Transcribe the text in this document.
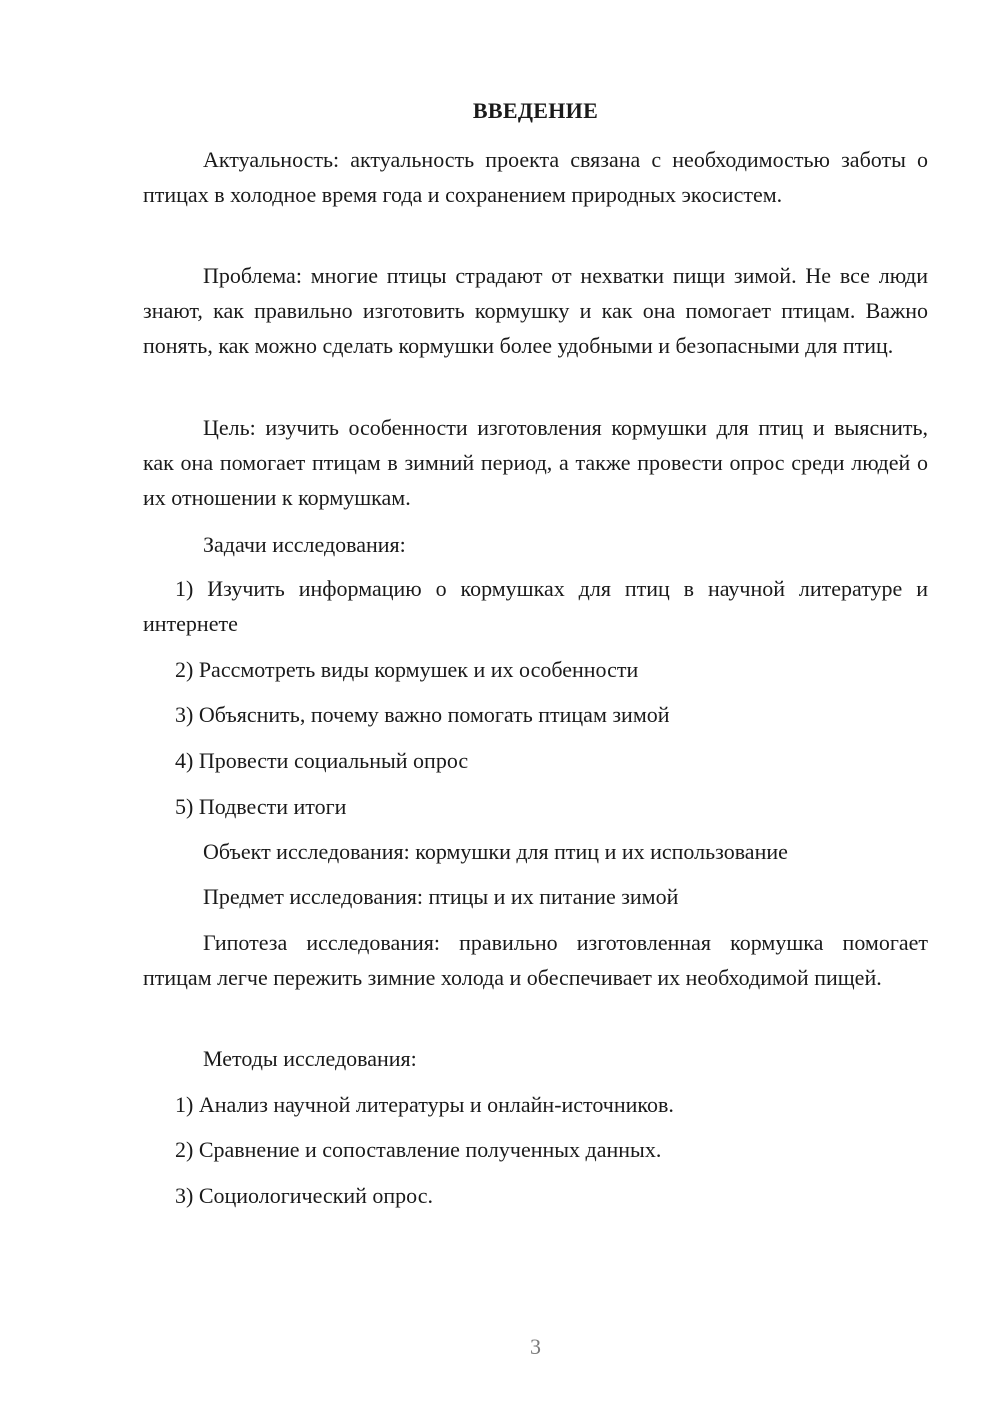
ВВЕДЕНИЕ
Актуальность: актуальность проекта связана с необходимостью заботы о птицах в холодное время года и сохранением природных экосистем.
Проблема: многие птицы страдают от нехватки пищи зимой. Не все люди знают, как правильно изготовить кормушку и как она помогает птицам. Важно понять, как можно сделать кормушки более удобными и безопасными для птиц.
Цель: изучить особенности изготовления кормушки для птиц и выяснить, как она помогает птицам в зимний период, а также провести опрос среди людей о их отношении к кормушкам.
Задачи исследования:
1) Изучить информацию о кормушках для птиц в научной литературе и интернете
2) Рассмотреть виды кормушек и их особенности
3) Объяснить, почему важно помогать птицам зимой
4) Провести социальный опрос
5) Подвести итоги
Объект исследования: кормушки для птиц и их использование
Предмет исследования: птицы и их питание зимой
Гипотеза исследования: правильно изготовленная кормушка помогает птицам легче пережить зимние холода и обеспечивает их необходимой пищей.
Методы исследования:
1) Анализ научной литературы и онлайн-источников.
2) Сравнение и сопоставление полученных данных.
3) Социологический опрос.
3
